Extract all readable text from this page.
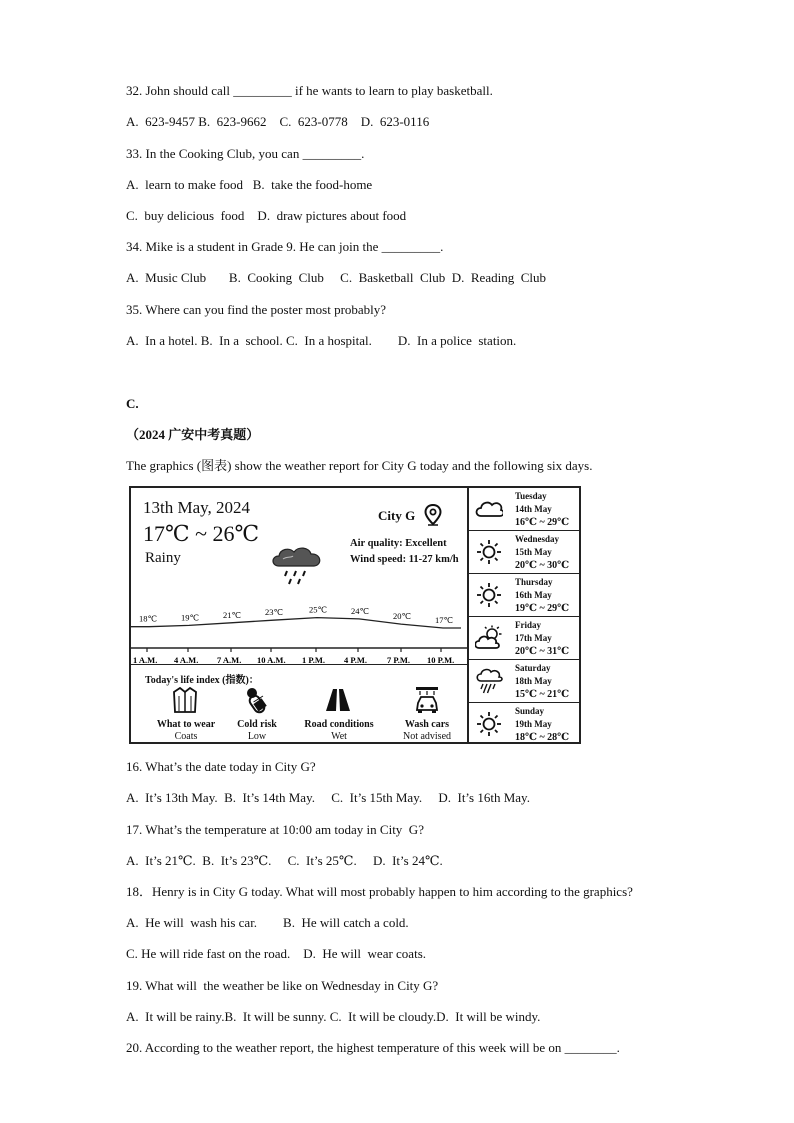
32. John should call _________ if he wants to learn to play basketball.
A.  623-9457 B.  623-9662    C.  623-0778    D.  623-0116
33. In the Cooking Club, you can _________.
A.  learn to make food   B.  take the food-home
C.  buy delicious  food    D.  draw pictures about food
34. Mike is a student in Grade 9. He can join the _________.
A.  Music Club       B.  Cooking  Club     C.  Basketball  Club  D.  Reading  Club
35. Where can you find the poster most probably?
A.  In a hotel. B.  In a  school. C.  In a hospital.        D.  In a police  station.
C.
（2024 广安中考真题）
The graphics (图表) show the weather report for City G today and the following six days.
13th May, 2024
17℃ ~ 26℃
Rainy
City G
Air quality: Excellent
Wind speed: 11-27 km/h
18℃	19℃	21℃	23℃	25℃	24℃
20℃	17℃
1 A.M. 4 A.M. 7 A.M. 10 A.M. 1 P.M. 4 P.M. 7 P.M. 10 P.M.
Today's life index (指数)：
What to wear
Coats
Cold risk
Low
Road conditions
Wet
Wash cars
Not advised
Tuesday
14th May
16℃ ~ 29℃
Wednesday
15th May
20℃ ~ 30℃
Thursday
16th May
19℃ ~ 29℃
Friday
17th May
20℃ ~ 31℃
Saturday
18th May
15℃ ~ 21℃
Sunday
19th May
18℃ ~ 28℃
16. What’s the date today in City G?
A.  It’s 13th May.  B.  It’s 14th May.     C.  It’s 15th May.     D.  It’s 16th May.
17. What’s the temperature at 10:00 am today in City  G?
A.  It’s 21℃.  B.  It’s 23℃.     C.  It’s 25℃.     D.  It’s 24℃.
18．Henry is in City G today. What will most probably happen to him according to the graphics?
A.  He will  wash his car.        B.  He will catch a cold.
C. He will ride fast on the road.    D.  He will  wear coats.
19. What will  the weather be like on Wednesday in City G?
A.  It will be rainy.B.  It will be sunny. C.  It will be cloudy.D.  It will be windy.
20. According to the weather report, the highest temperature of this week will be on ________.
